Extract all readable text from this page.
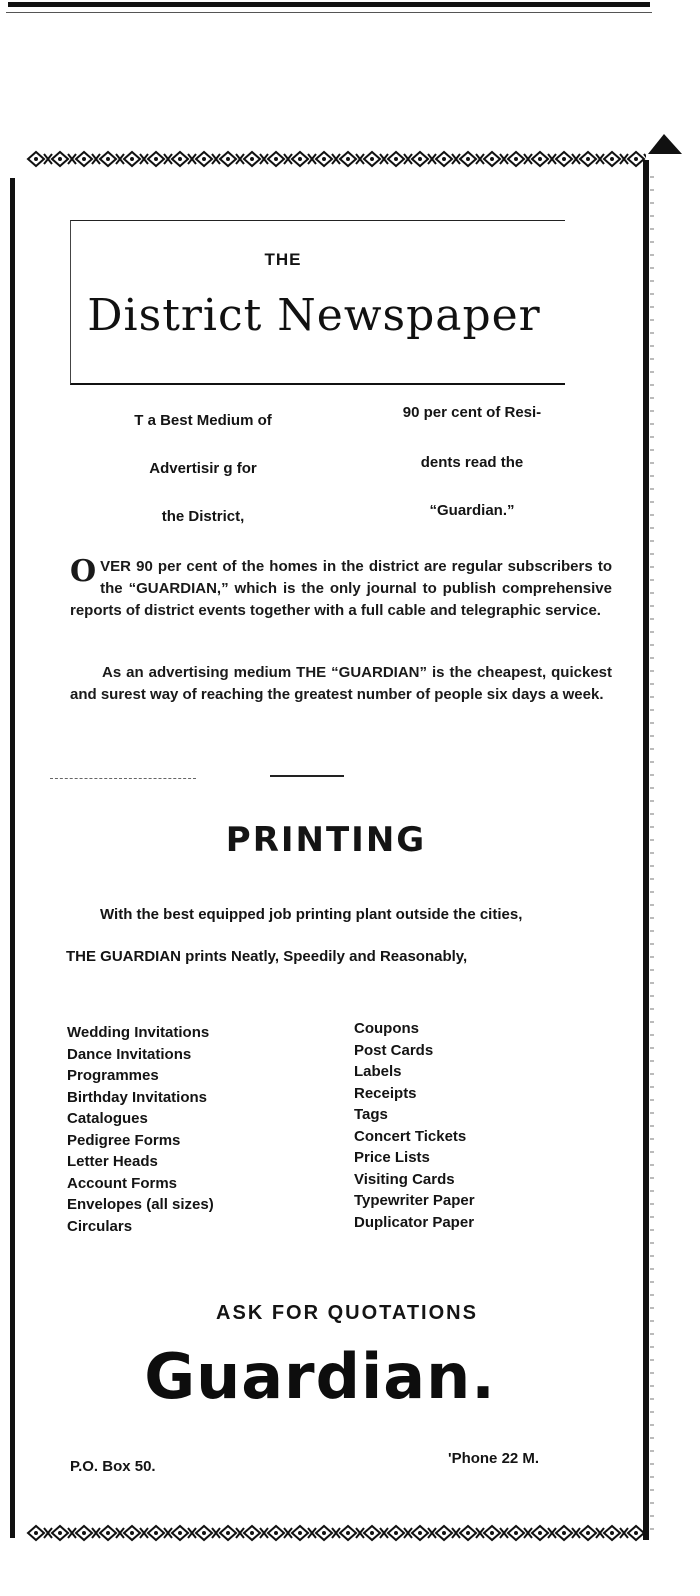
THE
District Newspaper
T a Best Medium of
Advertisir g for
the District,
90 per cent of Resi-
dents read the
“Guardian.”
OVER 90 per cent of the homes in the district are regular subscribers to the “GUARDIAN,” which is the only journal to publish comprehensive reports of district events together with a full cable and telegraphic service.
As an advertising medium THE “GUARDIAN” is the cheapest, quickest and surest way of reaching the greatest number of people six days a week.
PRINTING
With the best equipped job printing plant outside the cities,
THE GUARDIAN prints Neatly, Speedily and Reasonably,
Wedding Invitations
Dance Invitations
Programmes
Birthday Invitations
Catalogues
Pedigree Forms
Letter Heads
Account Forms
Envelopes (all sizes)
Circulars
Coupons
Post Cards
Labels
Receipts
Tags
Concert Tickets
Price Lists
Visiting Cards
Typewriter Paper
Duplicator Paper
ASK FOR QUOTATIONS
Guardian.
P.O. Box 50.	'Phone 22 M.
